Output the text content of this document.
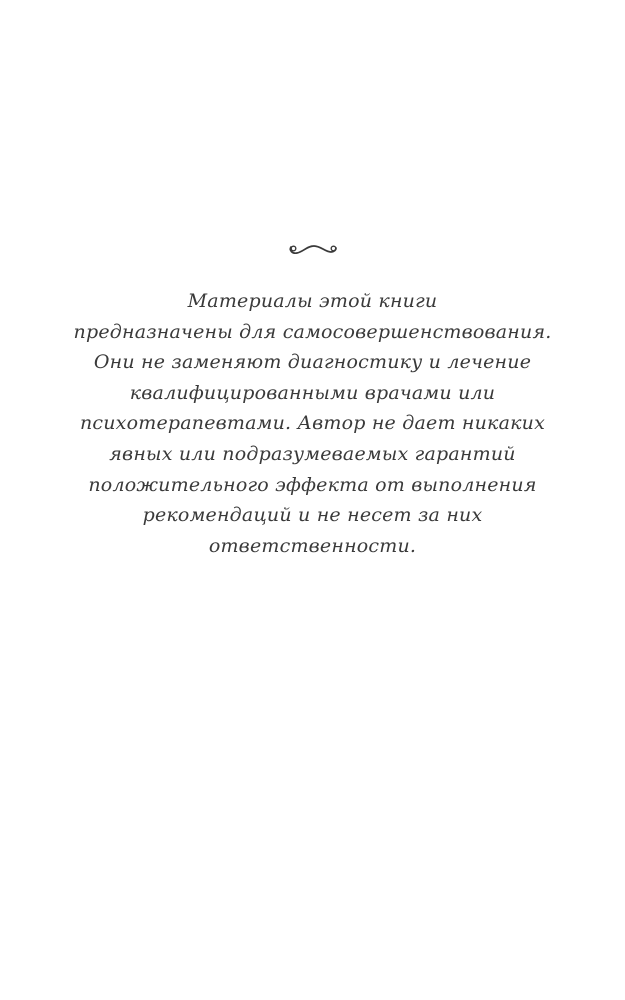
Материалы этой книги
предназначены для самосовершенствования.
Они не заменяют диагностику и лечение
квалифицированными врачами или
психотерапевтами. Автор не дает никаких
явных или подразумеваемых гарантий
положительного эффекта от выполнения
рекомендаций и не несет за них
ответственности.
